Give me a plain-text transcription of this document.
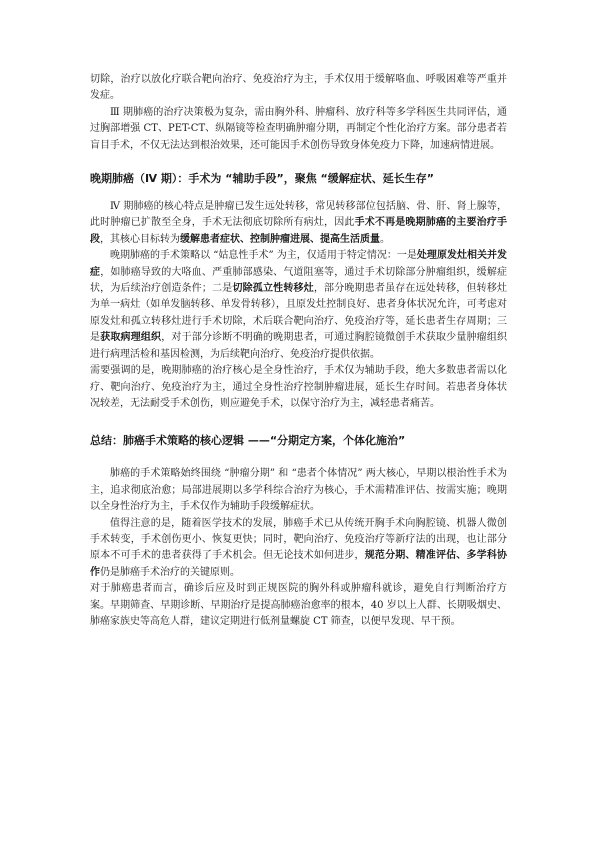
切除，治疗以放化疗联合靶向治疗、免疫治疗为主，手术仅用于缓解咯血、呼吸困难等严重并发症。

Ⅲ 期肺癌的治疗决策极为复杂，需由胸外科、肿瘤科、放疗科等多学科医生共同评估，通过胸部增强 CT、PET-CT、纵隔镜等检查明确肿瘤分期，再制定个性化治疗方案。部分患者若盲目手术，不仅无法达到根治效果，还可能因手术创伤导致身体免疫力下降，加速病情进展。

晚期肺癌（Ⅳ 期）：手术为 “辅助手段”，聚焦 “缓解症状、延长生存”

Ⅳ 期肺癌的核心特点是肿瘤已发生远处转移，常见转移部位包括脑、骨、肝、肾上腺等，此时肿瘤已扩散至全身，手术无法彻底切除所有病灶，因此手术不再是晚期肺癌的主要治疗手段，其核心目标转为缓解患者症状、控制肿瘤进展、提高生活质量。

晚期肺癌的手术策略以 “姑息性手术” 为主，仅适用于特定情况：一是处理原发灶相关并发症，如肺癌导致的大咯血、严重肺部感染、气道阻塞等，通过手术切除部分肿瘤组织，缓解症状，为后续治疗创造条件；二是切除孤立性转移灶，部分晚期患者虽存在远处转移，但转移灶为单一病灶（如单发脑转移、单发骨转移），且原发灶控制良好、患者身体状况允许，可考虑对原发灶和孤立转移灶进行手术切除，术后联合靶向治疗、免疫治疗等，延长患者生存周期；三是获取病理组织，对于部分诊断不明确的晚期患者，可通过胸腔镜微创手术获取少量肿瘤组织进行病理活检和基因检测，为后续靶向治疗、免疫治疗提供依据。

需要强调的是，晚期肺癌的治疗核心是全身性治疗，手术仅为辅助手段，绝大多数患者需以化疗、靶向治疗、免疫治疗为主，通过全身性治疗控制肿瘤进展，延长生存时间。若患者身体状况较差，无法耐受手术创伤，则应避免手术，以保守治疗为主，减轻患者痛苦。

总结：肺癌手术策略的核心逻辑 ——“分期定方案，个体化施治”

肺癌的手术策略始终围绕 “肿瘤分期” 和 “患者个体情况” 两大核心，早期以根治性手术为主，追求彻底治愈；局部进展期以多学科综合治疗为核心，手术需精准评估、按需实施；晚期以全身性治疗为主，手术仅作为辅助手段缓解症状。

值得注意的是，随着医学技术的发展，肺癌手术已从传统开胸手术向胸腔镜、机器人微创手术转变，手术创伤更小、恢复更快；同时，靶向治疗、免疫治疗等新疗法的出现，也让部分原本不可手术的患者获得了手术机会。但无论技术如何进步，规范分期、精准评估、多学科协作仍是肺癌手术治疗的关键原则。

对于肺癌患者而言，确诊后应及时到正规医院的胸外科或肿瘤科就诊，避免自行判断治疗方案。早期筛查、早期诊断、早期治疗是提高肺癌治愈率的根本，40 岁以上人群、长期吸烟史、肺癌家族史等高危人群，建议定期进行低剂量螺旋 CT 筛查，以便早发现、早干预。
